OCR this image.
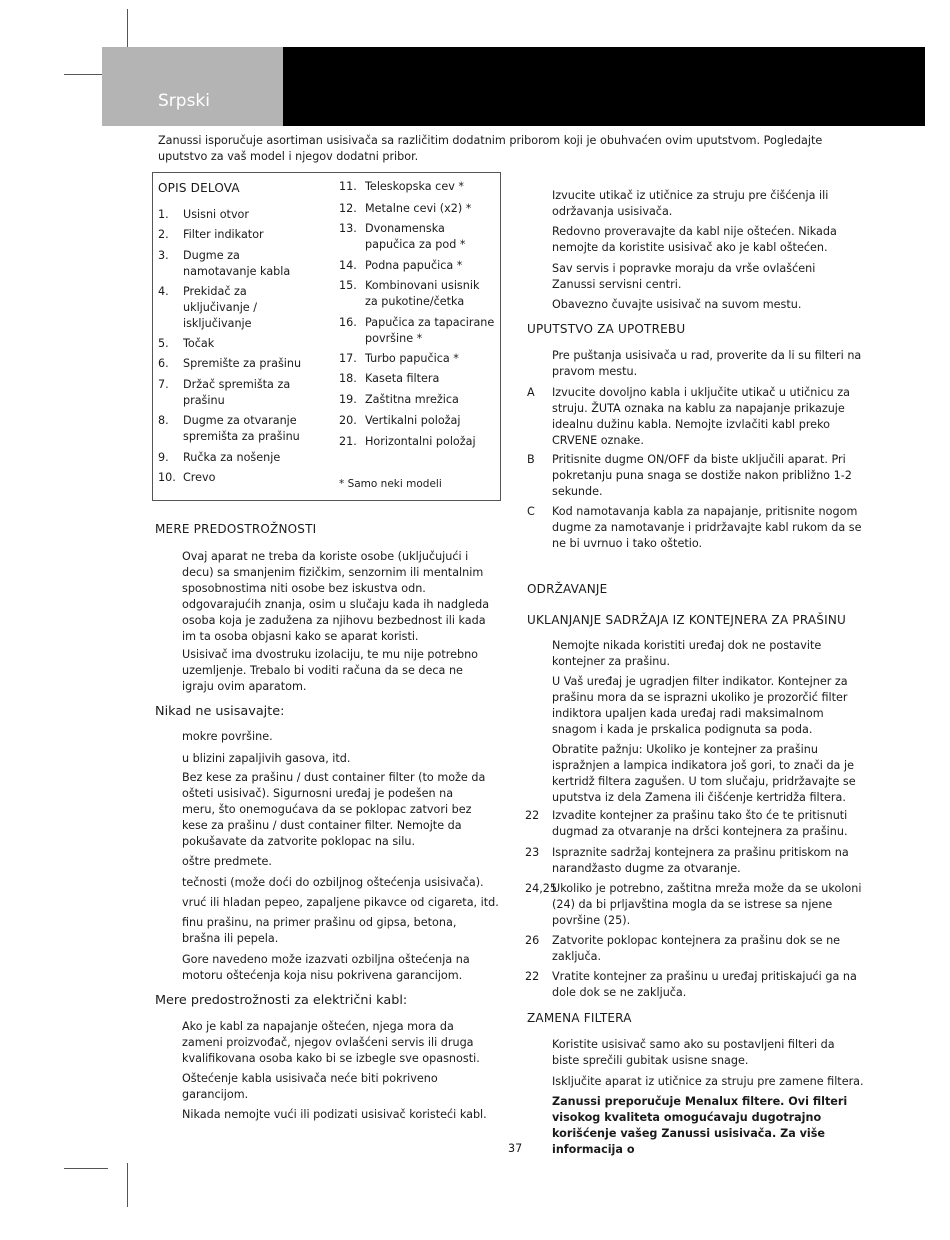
Srpski

Zanussi isporučuje asortiman usisivača sa različitim dodatnim priborom koji je obuhvaćen ovim uputstvom. Pogledajte uputstvo za vaš model i njegov dodatni pribor.

OPIS DELOVA
1. Usisni otvor
2. Filter indikator
3. Dugme za namotavanje kabla
4. Prekidač za uključivanje / isključivanje
5. Točak
6. Spremište za prašinu
7. Držač spremišta za prašinu
8. Dugme za otvaranje spremišta za prašinu
9. Ručka za nošenje
10. Crevo
11. Teleskopska cev *
12. Metalne cevi (x2) *
13. Dvonamenska papučica za pod *
14. Podna papučica *
15. Kombinovani usisnik za pukotine/četka
16. Papučica za tapacirane površine *
17. Turbo papučica *
18. Kaseta filtera
19. Zaštitna mrežica
20. Vertikalni položaj
21. Horizontalni položaj
* Samo neki modeli
MERE PREDOSTROŽNOSTI

Ovaj aparat ne treba da koriste osobe (uključujući i decu) sa smanjenim fizičkim, senzornim ili mentalnim sposobnostima niti osobe bez iskustva odn. odgovarajućih znanja, osim u slučaju kada ih nadgleda osoba koja je zadužena za njihovu bezbednost ili kada im ta osoba objasni kako se aparat koristi.

Usisivač ima dvostruku izolaciju, te mu nije potrebno uzemljenje. Trebalo bi voditi računa da se deca ne igraju ovim aparatom.

Nikad ne usisavajte:

mokre površine.

u blizini zapaljivih gasova, itd.

Bez kese za prašinu / dust container filter (to može da ošteti usisivač). Sigurnosni uređaj je podešen na meru, što onemogućava da se poklopac zatvori bez kese za prašinu / dust container filter. Nemojte da pokušavate da zatvorite poklopac na silu.

oštre predmete.

tečnosti (može doći do ozbiljnog oštećenja usisivača).

vruć ili hladan pepeo, zapaljene pikavce od cigareta, itd.

finu prašinu, na primer prašinu od gipsa, betona, brašna ili pepela.

Gore navedeno može izazvati ozbiljna oštećenja na motoru oštećenja koja nisu pokrivena garancijom.

Mere predostrožnosti za električni kabl:

Ako je kabl za napajanje oštećen, njega mora da zameni proizvođač, njegov ovlašćeni servis ili druga kvalifikovana osoba kako bi se izbegle sve opasnosti.

Oštećenje kabla usisivača neće biti pokriveno garancijom.

Nikada nemojte vući ili podizati usisivač koristeći kabl.

Izvucite utikač iz utičnice za struju pre čišćenja ili održavanja usisivača.

Redovno proveravajte da kabl nije oštećen. Nikada nemojte da koristite usisivač ako je kabl oštećen.

Sav servis i popravke moraju da vrše ovlašćeni Zanussi servisni centri.

Obavezno čuvajte usisivač na suvom mestu.

UPUTSTVO ZA UPOTREBU

Pre puštanja usisivača u rad, proverite da li su filteri na pravom mestu.

A Izvucite dovoljno kabla i uključite utikač u utičnicu za struju. ŽUTA oznaka na kablu za napajanje prikazuje idealnu dužinu kabla. Nemojte izvlačiti kabl preko CRVENE oznake.
B Pritisnite dugme ON/OFF da biste uključili aparat. Pri pokretanju puna snaga se dostiže nakon približno 1-2 sekunde.
C Kod namotavanja kabla za napajanje, pritisnite nogom dugme za namotavanje i pridržavajte kabl rukom da se ne bi uvrnuo i tako oštetio.
ODRŽAVANJE
UKLANJANJE SADRŽAJA IZ KONTEJNERA ZA PRAŠINU

Nemojte nikada koristiti uređaj dok ne postavite kontejner za prašinu.

U Vaš uređaj je ugradjen filter indikator. Kontejner za prašinu mora da se isprazni ukoliko je prozorčić filter indiktora upaljen kada uređaj radi maksimalnom snagom i kada je prskalica podignuta sa poda.

Obratite pažnju: Ukoliko je kontejner za prašinu ispražnjen a lampica indikatora još gori, to znači da je kertridž filtera zagušen. U tom slučaju, pridržavajte se uputstva iz dela Zamena ili čišćenje kertridža filtera.

22 Izvadite kontejner za prašinu tako što će te pritisnuti dugmad za otvaranje na dršci kontejnera za prašinu.
23 Ispraznite sadržaj kontejnera za prašinu pritiskom na narandžasto dugme za otvaranje.
24,25
Ukoliko je potrebno, zaštitna mreža može da se ukoloni (24) da bi prljavština mogla da se istrese sa njene površine (25).
26 Zatvorite poklopac kontejnera za prašinu dok se ne zaključa.
22 Vratite kontejner za prašinu u uređaj pritiskajući ga na dole dok se ne zaključa.
ZAMENA FILTERA

Koristite usisivač samo ako su postavljeni filteri da biste sprečili gubitak usisne snage.

Isključite aparat iz utičnice za struju pre zamene filtera.

Zanussi preporučuje Menalux filtere. Ovi filteri visokog kvaliteta omogućavaju dugotrajno korišćenje vašeg Zanussi usisivača. Za više informacija o

37
